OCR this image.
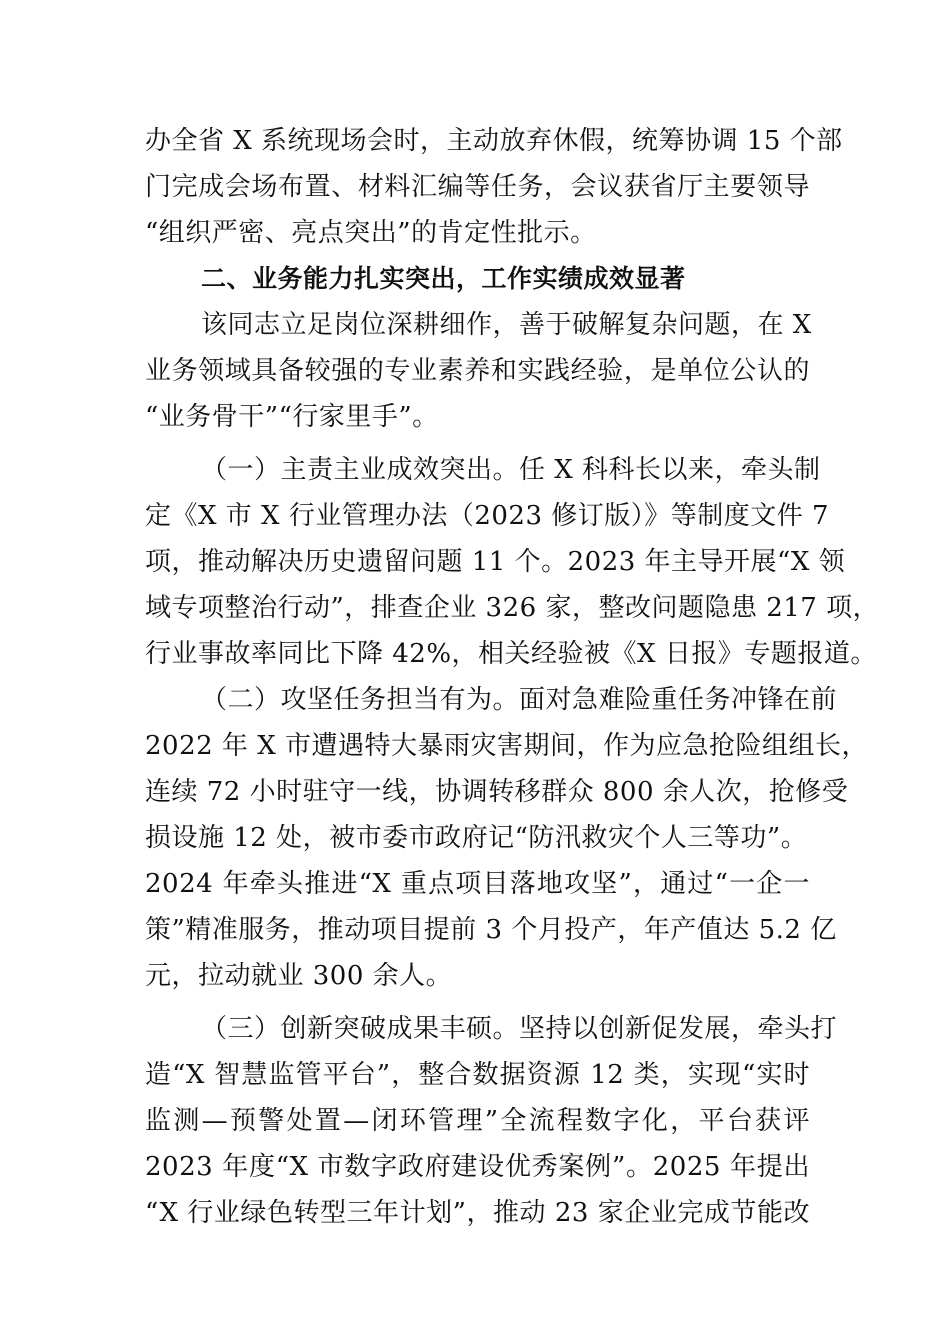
办全省 X 系统现场会时，主动放弃休假，统筹协调 15 个部
门完成会场布置、材料汇编等任务，会议获省厅主要领导
“组织严密、亮点突出”的肯定性批示。
二、业务能力扎实突出，工作实绩成效显著
该同志立足岗位深耕细作，善于破解复杂问题，在 X
业务领域具备较强的专业素养和实践经验，是单位公认的
“业务骨干”“行家里手”。
（一）主责主业成效突出。任 X 科科长以来，牵头制
定《X 市 X 行业管理办法（2023 修订版）》等制度文件 7
项，推动解决历史遗留问题 11 个。2023 年主导开展“X 领
域专项整治行动”，排查企业 326 家，整改问题隐患 217 项，
行业事故率同比下降 42%，相关经验被《X 日报》专题报道。
（二）攻坚任务担当有为。面对急难险重任务冲锋在前
2022 年 X 市遭遇特大暴雨灾害期间，作为应急抢险组组长，
连续 72 小时驻守一线，协调转移群众 800 余人次，抢修受
损设施 12 处，被市委市政府记“防汛救灾个人三等功”。
2024 年牵头推进“X 重点项目落地攻坚”，通过“一企一
策”精准服务，推动项目提前 3 个月投产，年产值达 5.2 亿
元，拉动就业 300 余人。
（三）创新突破成果丰硕。坚持以创新促发展，牵头打
造“X 智慧监管平台”，整合数据资源 12 类，实现“实时
监测—预警处置—闭环管理”全流程数字化，平台获评
2023 年度“X 市数字政府建设优秀案例”。2025 年提出
“X 行业绿色转型三年计划”，推动 23 家企业完成节能改
